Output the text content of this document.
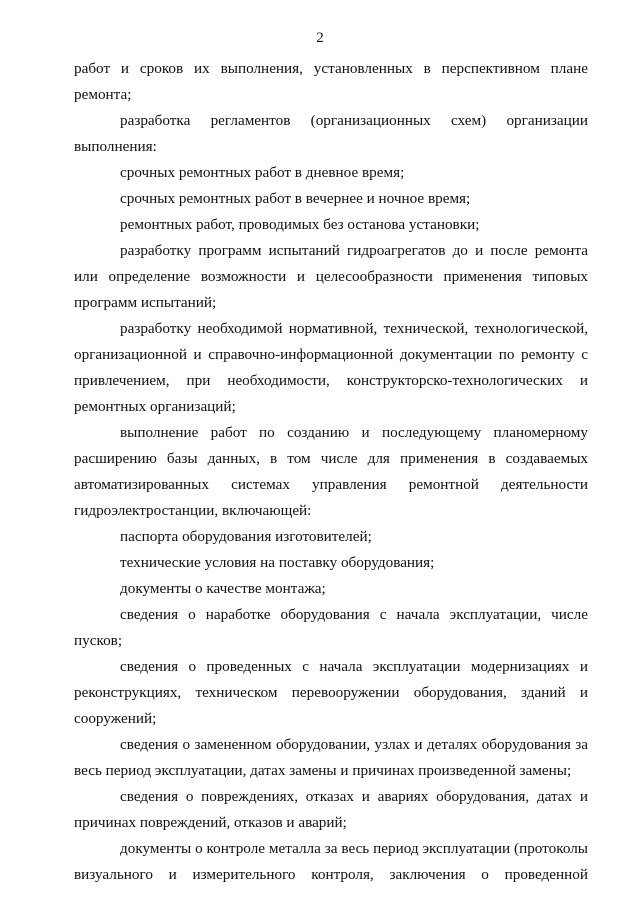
2

работ и сроков их выполнения, установленных в перспективном плане ремонта;

разработка регламентов (организационных схем) организации выполнения:

срочных ремонтных работ в дневное время;

срочных ремонтных работ в вечернее и ночное время;

ремонтных работ, проводимых без останова установки;

разработку программ испытаний гидроагрегатов до и после ремонта или определение возможности и целесообразности применения типовых программ испытаний;

разработку необходимой нормативной, технической, технологической, организационной и справочно-информационной документации по ремонту с привлечением, при необходимости, конструкторско-технологических и ремонтных организаций;

выполнение работ по созданию и последующему планомерному расширению базы данных, в том числе для применения в создаваемых автоматизированных системах управления ремонтной деятельности гидроэлектростанции, включающей:

паспорта оборудования изготовителей;

технические условия на поставку оборудования;

документы о качестве монтажа;

сведения о наработке оборудования с начала эксплуатации, числе пусков;

сведения о проведенных с начала эксплуатации модернизациях и реконструкциях, техническом перевооружении оборудования, зданий и сооружений;

сведения о замененном оборудовании, узлах и деталях оборудования за весь период эксплуатации, датах замены и причинах произведенной замены;

сведения о повреждениях, отказах и авариях оборудования, датах и причинах повреждений, отказов и аварий;

документы о контроле металла за весь период эксплуатации (протоколы визуального и измерительного контроля, заключения о проведенной
